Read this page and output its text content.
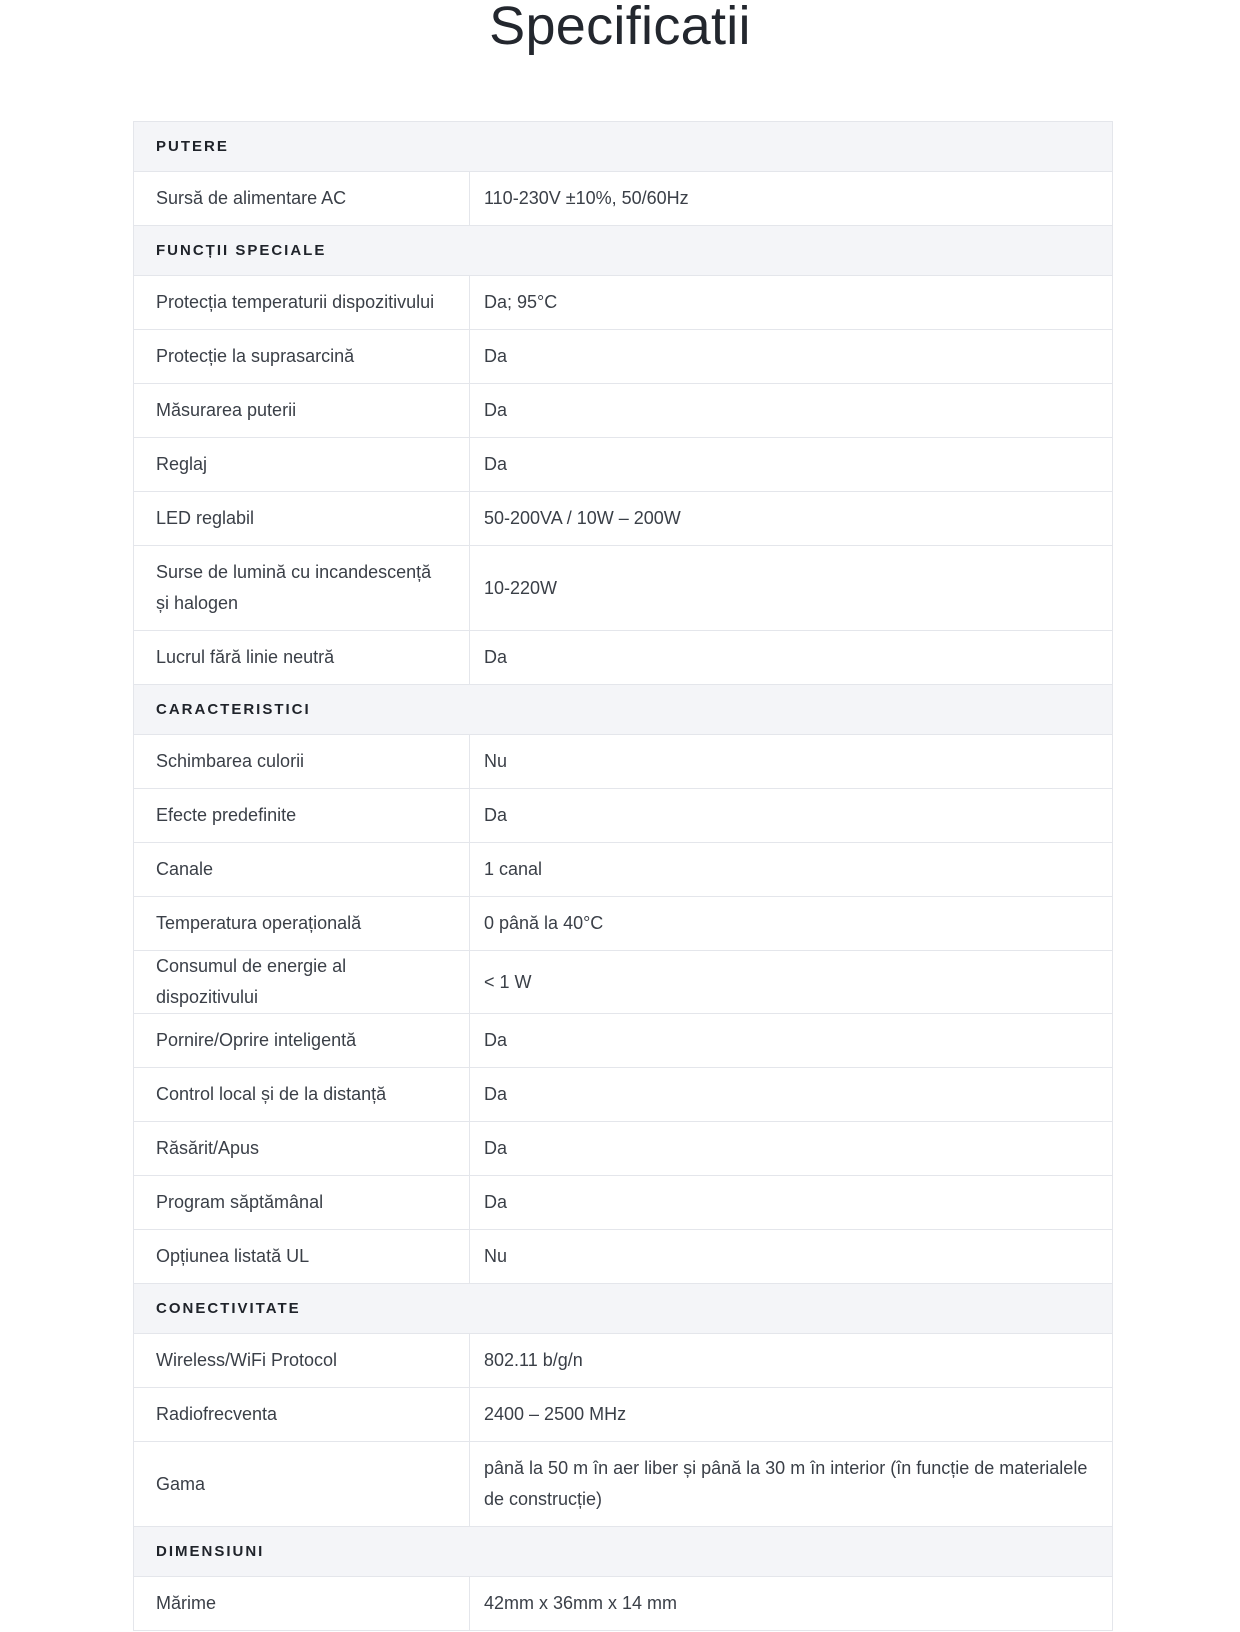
Specificatii
PUTERE	
Sursă de alimentare AC	110-230V ±10%, 50/60Hz
FUNCȚII SPECIALE	
Protecția temperaturii dispozitivului	Da; 95°C
Protecție la suprasarcină	Da
Măsurarea puterii	Da
Reglaj	Da
LED reglabil	50-200VA / 10W – 200W
Surse de lumină cu incandescență și halogen	10-220W
Lucrul fără linie neutră	Da
CARACTERISTICI	
Schimbarea culorii	Nu
Efecte predefinite	Da
Canale	1 canal
Temperatura operațională	0 până la 40°C
Consumul de energie al dispozitivului	< 1 W
Pornire/Oprire inteligentă	Da
Control local și de la distanță	Da
Răsărit/Apus	Da
Program săptămânal	Da
Opțiunea listată UL	Nu
CONECTIVITATE	
Wireless/WiFi Protocol	802.11 b/g/n
Radiofrecventa	2400 – 2500 MHz
Gama	până la 50 m în aer liber și până la 30 m în interior (în funcție de materialele de construcție)
DIMENSIUNI	
Mărime	42mm x 36mm x 14 mm
